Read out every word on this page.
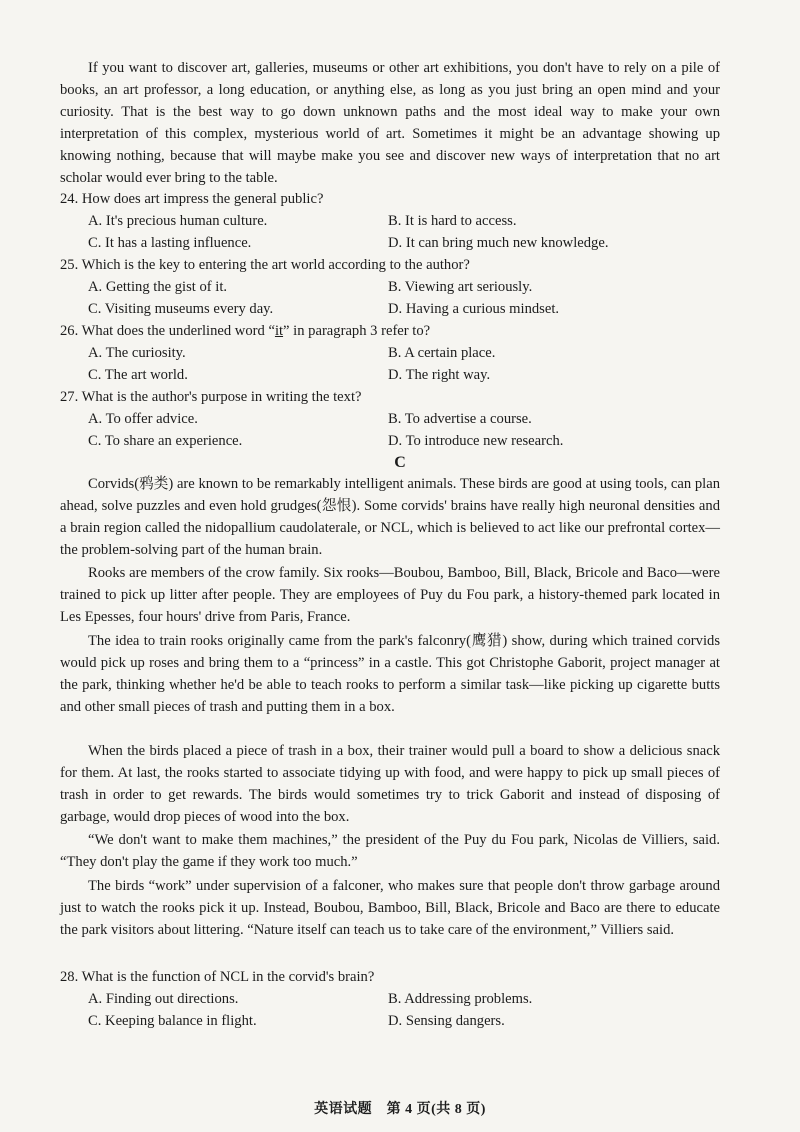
If you want to discover art, galleries, museums or other art exhibitions, you don't have to rely on a pile of books, an art professor, a long education, or anything else, as long as you just bring an open mind and your curiosity. That is the best way to go down unknown paths and the most ideal way to make your own interpretation of this complex, mysterious world of art. Sometimes it might be an advantage showing up knowing nothing, because that will maybe make you see and discover new ways of interpretation that no art scholar would ever bring to the table.

24. How does art impress the general public?
A. It's precious human culture.	B. It is hard to access.
C. It has a lasting influence.	D. It can bring much new knowledge.
25. Which is the key to entering the art world according to the author?
A. Getting the gist of it.	B. Viewing art seriously.
C. Visiting museums every day.	D. Having a curious mindset.
26. What does the underlined word “it” in paragraph 3 refer to?
A. The curiosity.	B. A certain place.
C. The art world.	D. The right way.
27. What is the author's purpose in writing the text?
A. To offer advice.	B. To advertise a course.
C. To share an experience.	D. To introduce new research.
C

Corvids(鸦类) are known to be remarkably intelligent animals. These birds are good at using tools, can plan ahead, solve puzzles and even hold grudges(怨恨). Some corvids' brains have really high neuronal densities and a brain region called the nidopallium caudolaterale, or NCL, which is believed to act like our prefrontal cortex—the problem-solving part of the human brain.

Rooks are members of the crow family. Six rooks—Boubou, Bamboo, Bill, Black, Bricole and Baco—were trained to pick up litter after people. They are employees of Puy du Fou park, a history-themed park located in Les Epesses, four hours' drive from Paris, France.

The idea to train rooks originally came from the park's falconry(鹰猎) show, during which trained corvids would pick up roses and bring them to a “princess” in a castle. This got Christophe Gaborit, project manager at the park, thinking whether he'd be able to teach rooks to perform a similar task—like picking up cigarette butts and other small pieces of trash and putting them in a box.

When the birds placed a piece of trash in a box, their trainer would pull a board to show a delicious snack for them. At last, the rooks started to associate tidying up with food, and were happy to pick up small pieces of trash in order to get rewards. The birds would sometimes try to trick Gaborit and instead of disposing of garbage, would drop pieces of wood into the box.

“We don't want to make them machines,” the president of the Puy du Fou park, Nicolas de Villiers, said. “They don't play the game if they work too much.”

The birds “work” under supervision of a falconer, who makes sure that people don't throw garbage around just to watch the rooks pick it up. Instead, Boubou, Bamboo, Bill, Black, Bricole and Baco are there to educate the park visitors about littering. “Nature itself can teach us to take care of the environment,” Villiers said.

28. What is the function of NCL in the corvid's brain?
A. Finding out directions.	B. Addressing problems.
C. Keeping balance in flight.	D. Sensing dangers.
英语试题　第 4 页(共 8 页)
